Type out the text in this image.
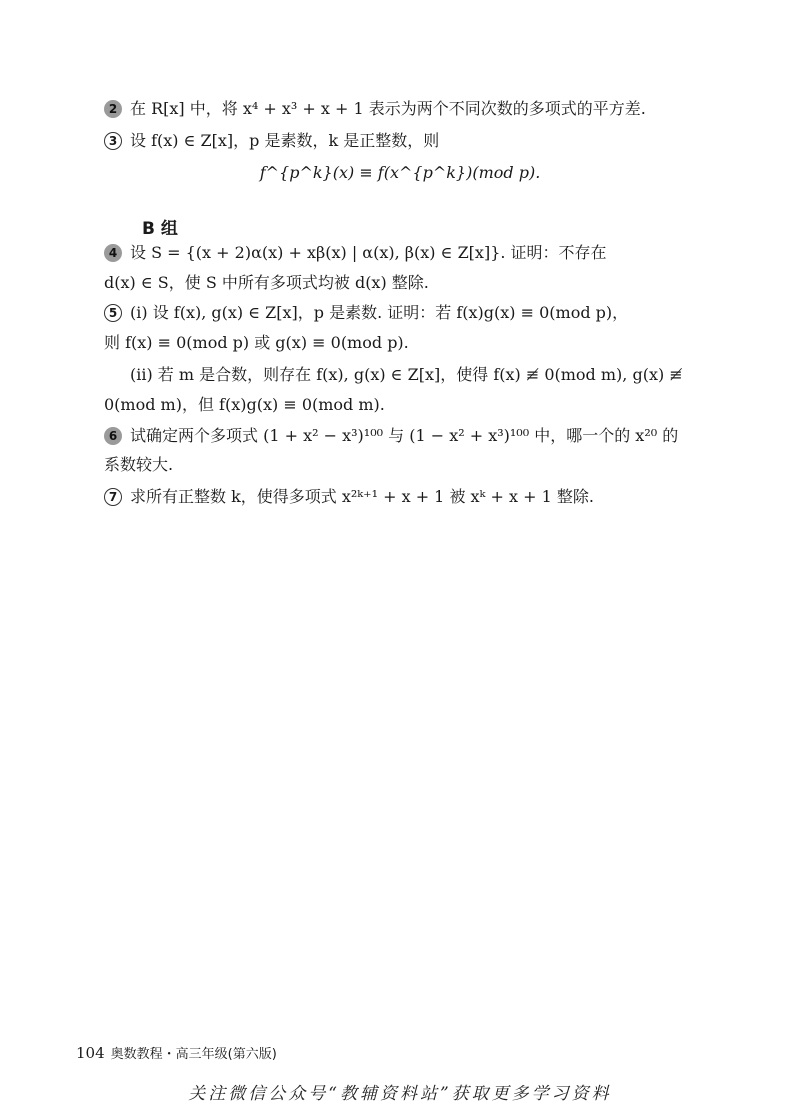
2 在 R[x] 中，将 x⁴ + x³ + x + 1 表示为两个不同次数的多项式的平方差.
3 设 f(x) ∈ Z[x]，p 是素数，k 是正整数，则
f^{p^k}(x) ≡ f(x^{p^k})(mod p).
B 组
4 设 S = {(x + 2)α(x) + xβ(x) | α(x), β(x) ∈ Z[x]}. 证明：不存在
d(x) ∈ S，使 S 中所有多项式均被 d(x) 整除.
5 (i) 设 f(x), g(x) ∈ Z[x]，p 是素数. 证明：若 f(x)g(x) ≡ 0(mod p)，
则 f(x) ≡ 0(mod p) 或 g(x) ≡ 0(mod p).
(ii) 若 m 是合数，则存在 f(x), g(x) ∈ Z[x]，使得 f(x) ≢ 0(mod m), g(x) ≢
0(mod m)，但 f(x)g(x) ≡ 0(mod m).
6 试确定两个多项式 (1 + x² − x³)¹⁰⁰ 与 (1 − x² + x³)¹⁰⁰ 中，哪一个的 x²⁰ 的
系数较大.
7 求所有正整数 k，使得多项式 x²ᵏ⁺¹ + x + 1 被 xᵏ + x + 1 整除.
104 奥数教程・高三年级(第六版)
关注微信公众号“教辅资料站”获取更多学习资料
